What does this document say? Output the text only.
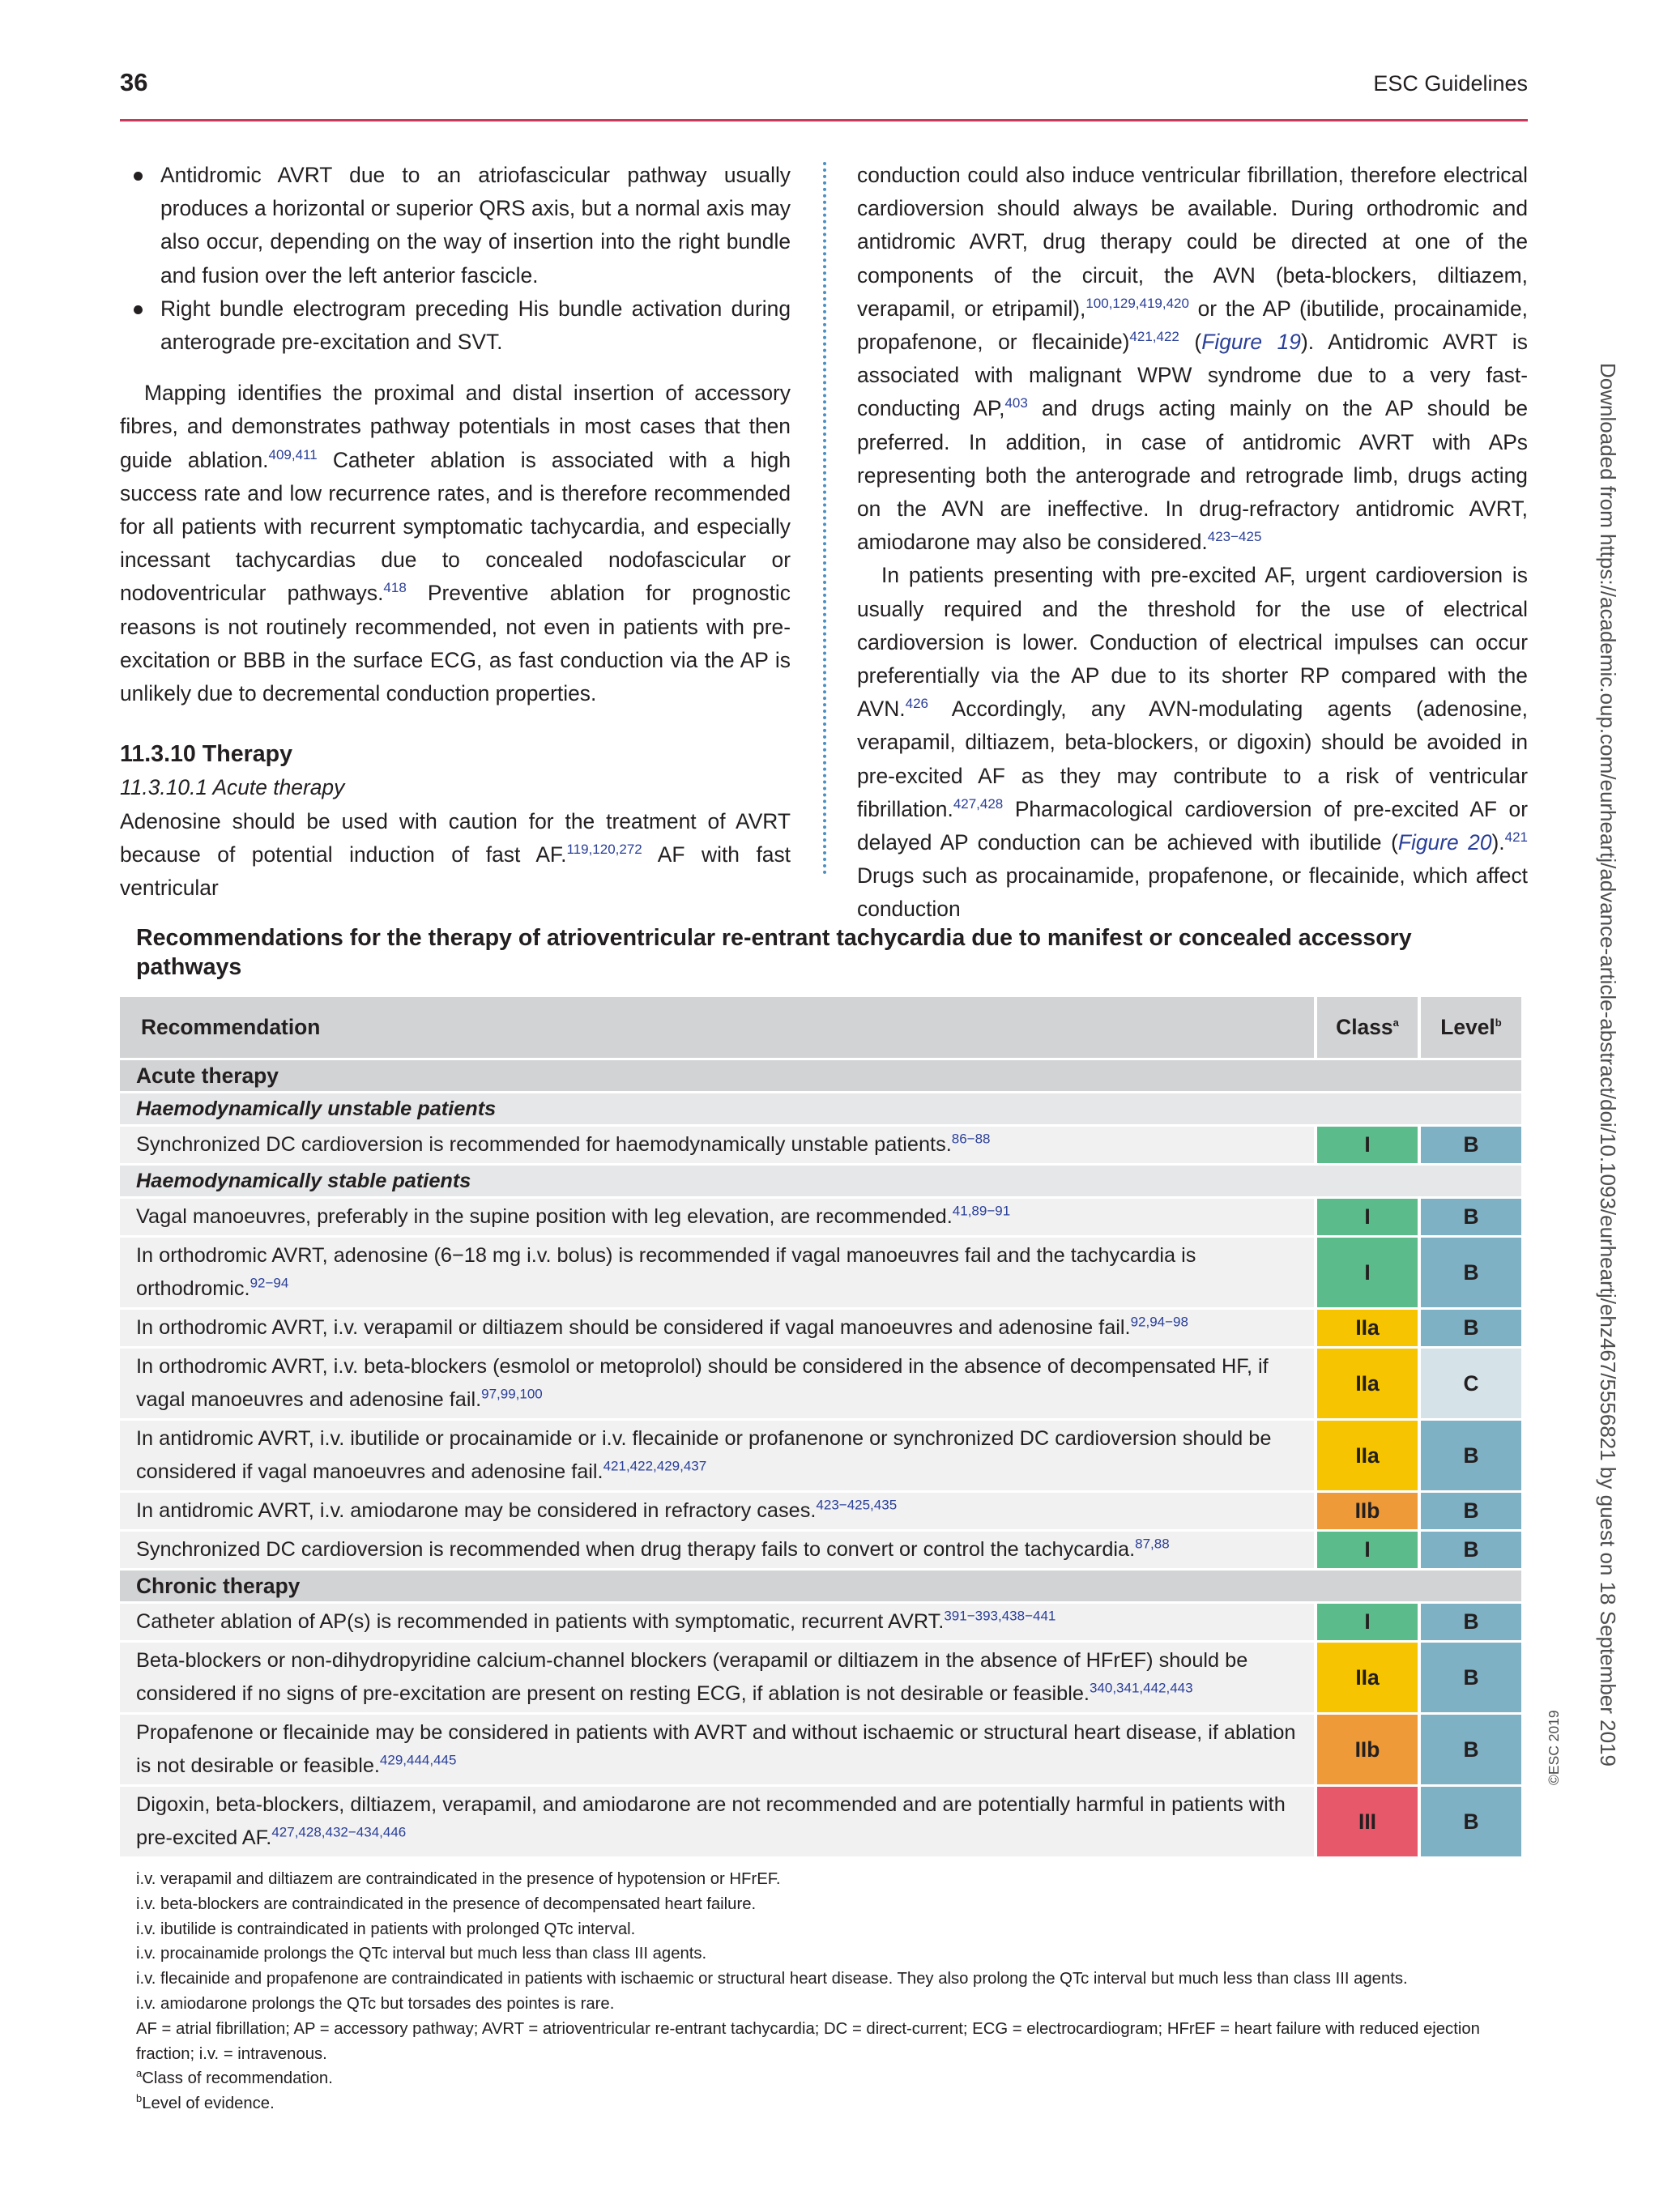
36	ESC Guidelines
Antidromic AVRT due to an atriofascicular pathway usually produces a horizontal or superior QRS axis, but a normal axis may also occur, depending on the way of insertion into the right bundle and fusion over the left anterior fascicle.
Right bundle electrogram preceding His bundle activation during anterograde pre-excitation and SVT.

Mapping identifies the proximal and distal insertion of accessory fibres, and demonstrates pathway potentials in most cases that then guide ablation.$^{409,411}$ Catheter ablation is associated with a high success rate and low recurrence rates, and is therefore recommended for all patients with recurrent symptomatic tachycardia, and especially incessant tachycardias due to concealed nodofascicular or nodoventricular pathways.$^{418}$ Preventive ablation for prognostic reasons is not routinely recommended, not even in patients with pre-excitation or BBB in the surface ECG, as fast conduction via the AP is unlikely due to decremental conduction properties.

11.3.10 Therapy

11.3.10.1 Acute therapy

Adenosine should be used with caution for the treatment of AVRT because of potential induction of fast AF.$^{119,120,272}$ AF with fast ventricular

conduction could also induce ventricular fibrillation, therefore electrical cardioversion should always be available. During orthodromic and antidromic AVRT, drug therapy could be directed at one of the components of the circuit, the AVN (beta-blockers, diltiazem, verapamil, or etripamil),$^{100,129,419,420}$ or the AP (ibutilide, procainamide, propafenone, or flecainide)$^{421,422}$ (Figure 19). Antidromic AVRT is associated with malignant WPW syndrome due to a very fast-conducting AP,$^{403}$ and drugs acting mainly on the AP should be preferred. In addition, in case of antidromic AVRT with APs representing both the anterograde and retrograde limb, drugs acting on the AVN are ineffective. In drug-refractory antidromic AVRT, amiodarone may also be considered.$^{423-425}$

In patients presenting with pre-excited AF, urgent cardioversion is usually required and the threshold for the use of electrical cardioversion is lower. Conduction of electrical impulses can occur preferentially via the AP due to its shorter RP compared with the AVN.$^{426}$ Accordingly, any AVN-modulating agents (adenosine, verapamil, diltiazem, beta-blockers, or digoxin) should be avoided in pre-excited AF as they may contribute to a risk of ventricular fibrillation.$^{427,428}$ Pharmacological cardioversion of pre-excited AF or delayed AP conduction can be achieved with ibutilide (Figure 20).$^{421}$ Drugs such as procainamide, propafenone, or flecainide, which affect conduction

Recommendations for the therapy of atrioventricular re-entrant tachycardia due to manifest or concealed accessory pathways
Recommendation	Class$^a$	Level$^b$
Acute therapy		
Haemodynamically unstable patients		
Synchronized DC cardioversion is recommended for haemodynamically unstable patients.$^{86-88}$	I	B
Haemodynamically stable patients		
Vagal manoeuvres, preferably in the supine position with leg elevation, are recommended.$^{41,89-91}$	I	B
In orthodromic AVRT, adenosine (6−18 mg i.v. bolus) is recommended if vagal manoeuvres fail and the tachycardia is orthodromic.$^{92-94}$	I	B
In orthodromic AVRT, i.v. verapamil or diltiazem should be considered if vagal manoeuvres and adenosine fail.$^{92,94-98}$	IIa	B
In orthodromic AVRT, i.v. beta-blockers (esmolol or metoprolol) should be considered in the absence of decompensated HF, if vagal manoeuvres and adenosine fail.$^{97,99,100}$	IIa	C
In antidromic AVRT, i.v. ibutilide or procainamide or i.v. flecainide or profanenone or synchronized DC cardioversion should be considered if vagal manoeuvres and adenosine fail.$^{421,422,429,437}$	IIa	B
In antidromic AVRT, i.v. amiodarone may be considered in refractory cases.$^{423-425,435}$	IIb	B
Synchronized DC cardioversion is recommended when drug therapy fails to convert or control the tachycardia.$^{87,88}$	I	B
Chronic therapy		
Catheter ablation of AP(s) is recommended in patients with symptomatic, recurrent AVRT.$^{391-393,438-441}$	I	B
Beta-blockers or non-dihydropyridine calcium-channel blockers (verapamil or diltiazem in the absence of HFrEF) should be considered if no signs of pre-excitation are present on resting ECG, if ablation is not desirable or feasible.$^{340,341,442,443}$	IIa	B
Propafenone or flecainide may be considered in patients with AVRT and without ischaemic or structural heart disease, if ablation is not desirable or feasible.$^{429,444,445}$	IIb	B
Digoxin, beta-blockers, diltiazem, verapamil, and amiodarone are not recommended and are potentially harmful in patients with pre-excited AF.$^{427,428,432-434,446}$	III	B
i.v. verapamil and diltiazem are contraindicated in the presence of hypotension or HFrEF.
i.v. beta-blockers are contraindicated in the presence of decompensated heart failure.
i.v. ibutilide is contraindicated in patients with prolonged QTc interval.
i.v. procainamide prolongs the QTc interval but much less than class III agents.
i.v. flecainide and propafenone are contraindicated in patients with ischaemic or structural heart disease. They also prolong the QTc interval but much less than class III agents.
i.v. amiodarone prolongs the QTc but torsades des pointes is rare.
AF = atrial fibrillation; AP = accessory pathway; AVRT = atrioventricular re-entrant tachycardia; DC = direct-current; ECG = electrocardiogram; HFrEF = heart failure with reduced ejection fraction; i.v. = intravenous.
$^a$Class of recommendation.
$^b$Level of evidence.
Downloaded from https://academic.oup.com/eurheartj/advance-article-abstract/doi/10.1093/eurheartj/ehz467/5556821 by guest on 18 September 2019
©ESC 2019
